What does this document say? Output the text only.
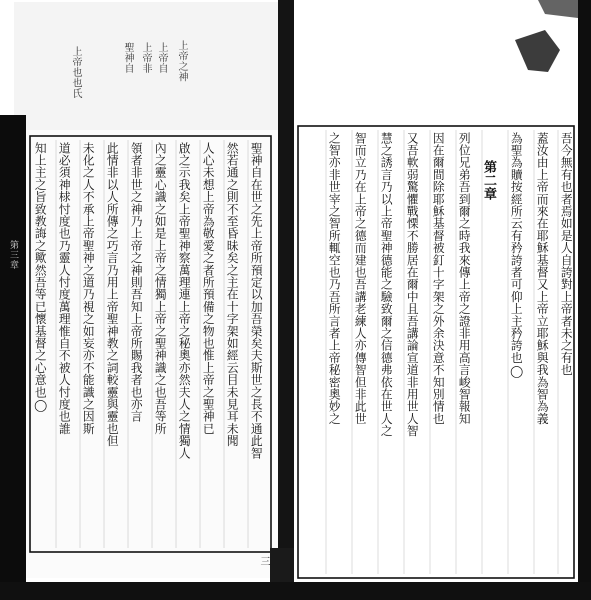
上帝自
上帝非
聖神自
上帝也也氏	上帝之神
第三章	聖神自在世之先上帝所預定以加吾榮矣夫斯世之長不通此智
然若通之則不至昏昧矣之主在十字架如經云目未見耳未聞
人心未想上帝為敬愛之者所預備之物也惟上帝之聖神已
啟之示我矣上帝聖神察萬理連上帝之秘奧亦然夫人之情獨人
內之靈心識之如是上帝之情獨上帝之聖神識之也吾等所
領者非世之神乃上帝之神則吾知上帝所賜我者也亦言
此情非以人所傳之巧言乃用上帝聖神教之詞較靈與靈也但
未化之人不承上帝聖神之道乃視之如妄亦不能識之因斯
道必須神梂忖度也乃靈人忖度萬理惟自不被人忖度也誰
知上主之旨致教誨之歟然吾等已懷基督之心意也◯
三
吾今無有也者焉如是人自誇對上帝者未之有也
蓋汝由上帝而來在耶穌基督又上帝立耶穌與我為智為義
為聖為贖按經所云有矜誇者可仰上主矜誇也◯
第二章
列位兄弟吾到爾之時我來傳上帝之證非用高言峻智報知
因在爾間除耶穌基督被釘十字架之外余決意不知別情也
又吾軟弱驚懼戰慄不勝居在爾中且吾講論宣道非用世人智
慧之誘言乃以上帝聖神德能之驗致爾之信德弗依在世人之
智而立乃在上帝之德而建也吾講老練人亦傳智但非此世
之智亦非世宰之智所輒空也乃吾所言者上帝秘密奧妙之
